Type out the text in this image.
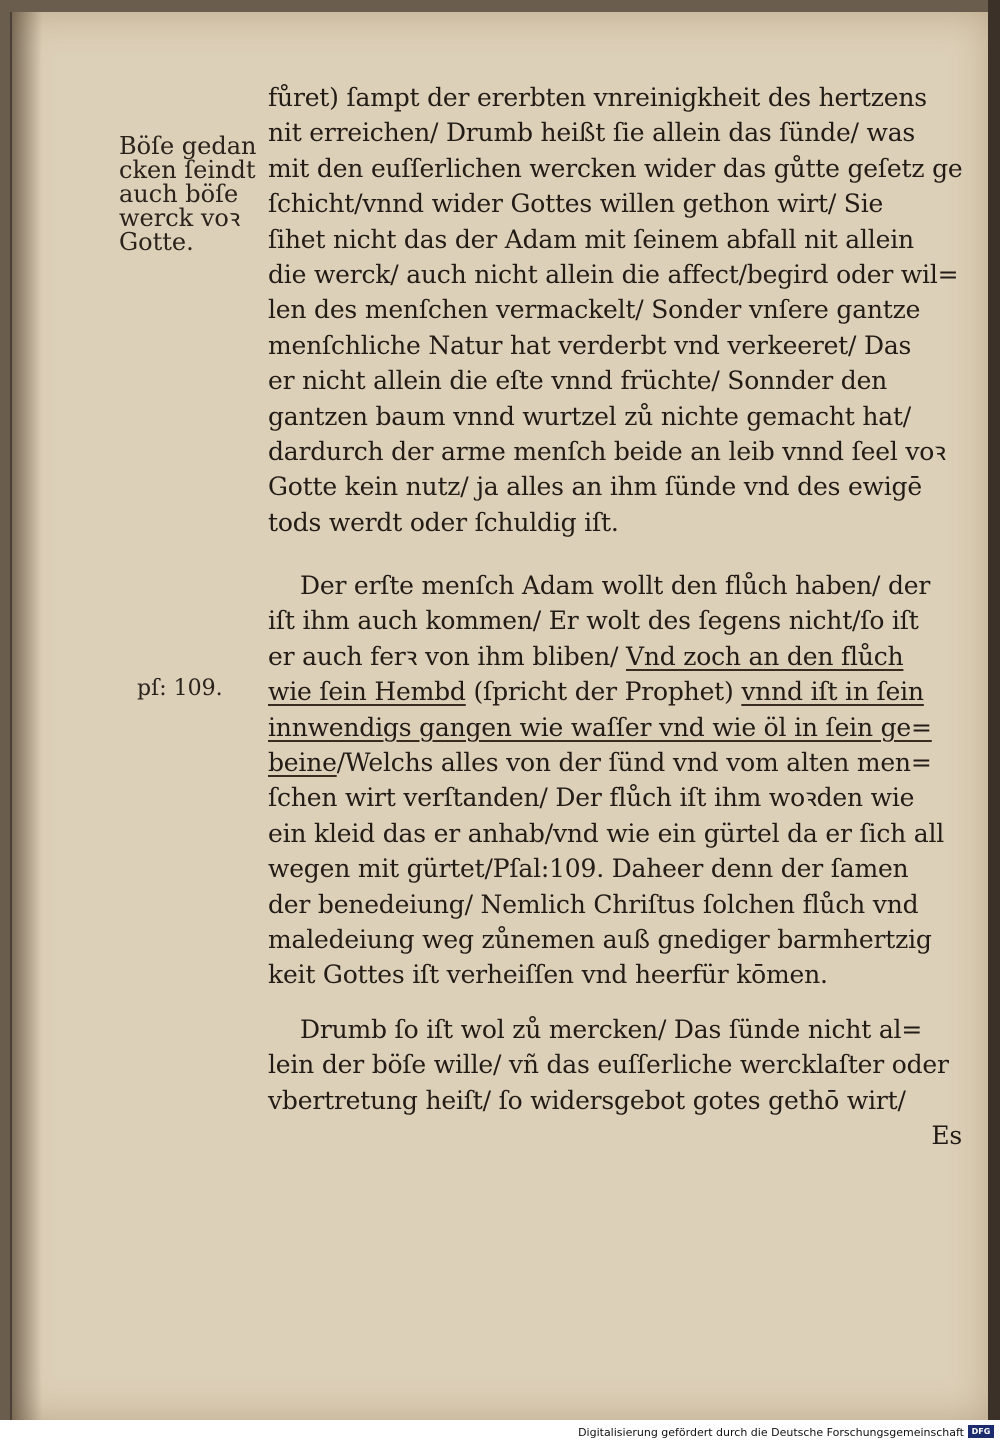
Böſe gedan
cken ſeindt
auch böſe
werck voꝛ
Gotte.
pſ: 109.
fůret) ſampt der ererbten vnreinigkheit des hertzens
nit erreichen/ Drumb heißt ſie allein das ſünde/ was
mit den euſſerlichen wercken wider das gůtte geſetz ge
ſchicht/vnnd wider Gottes willen gethon wirt/ Sie
ſihet nicht das der Adam mit ſeinem abfall nit allein
die werck/ auch nicht allein die affect/begird oder wil=
len des menſchen vermackelt/ Sonder vnſere gantze
menſchliche Natur hat verderbt vnd verkeeret/ Das
er nicht allein die eſte vnnd früchte/ Sonnder den
gantzen baum vnnd wurtzel zů nichte gemacht hat/
dardurch der arme menſch beide an leib vnnd ſeel voꝛ
Gotte kein nutz/ ja alles an ihm ſünde vnd des ewigē
tods werdt oder ſchuldig iſt.
Der erſte menſch Adam wollt den flůch haben/ der
iſt ihm auch kommen/ Er wolt des ſegens nicht/ſo iſt
er auch ferꝛ von ihm bliben/ Vnd zoch an den flůch
wie ſein Hembd (ſpricht der Prophet) vnnd iſt in ſein
innwendigs gangen wie waſſer vnd wie öl in ſein ge=
beine/Welchs alles von der ſünd vnd vom alten men=
ſchen wirt verſtanden/ Der flůch iſt ihm woꝛden wie
ein kleid das er anhab/vnd wie ein gürtel da er ſich all
wegen mit gürtet/Pſal:109. Daheer denn der ſamen
der benedeiung/ Nemlich Chriſtus ſolchen flůch vnd
maledeiung weg zůnemen auß gnediger barmhertzig
keit Gottes iſt verheiſſen vnd heerfür kōmen.
Drumb ſo iſt wol zů mercken/ Das ſünde nicht al=
lein der böſe wille/ vñ das euſſerliche wercklaſter oder
vbertretung heiſt/ ſo widersgebot gotes gethō wirt/
Es
Digitalisierung gefördert durch die Deutsche Forschungsgemeinschaft DFG
